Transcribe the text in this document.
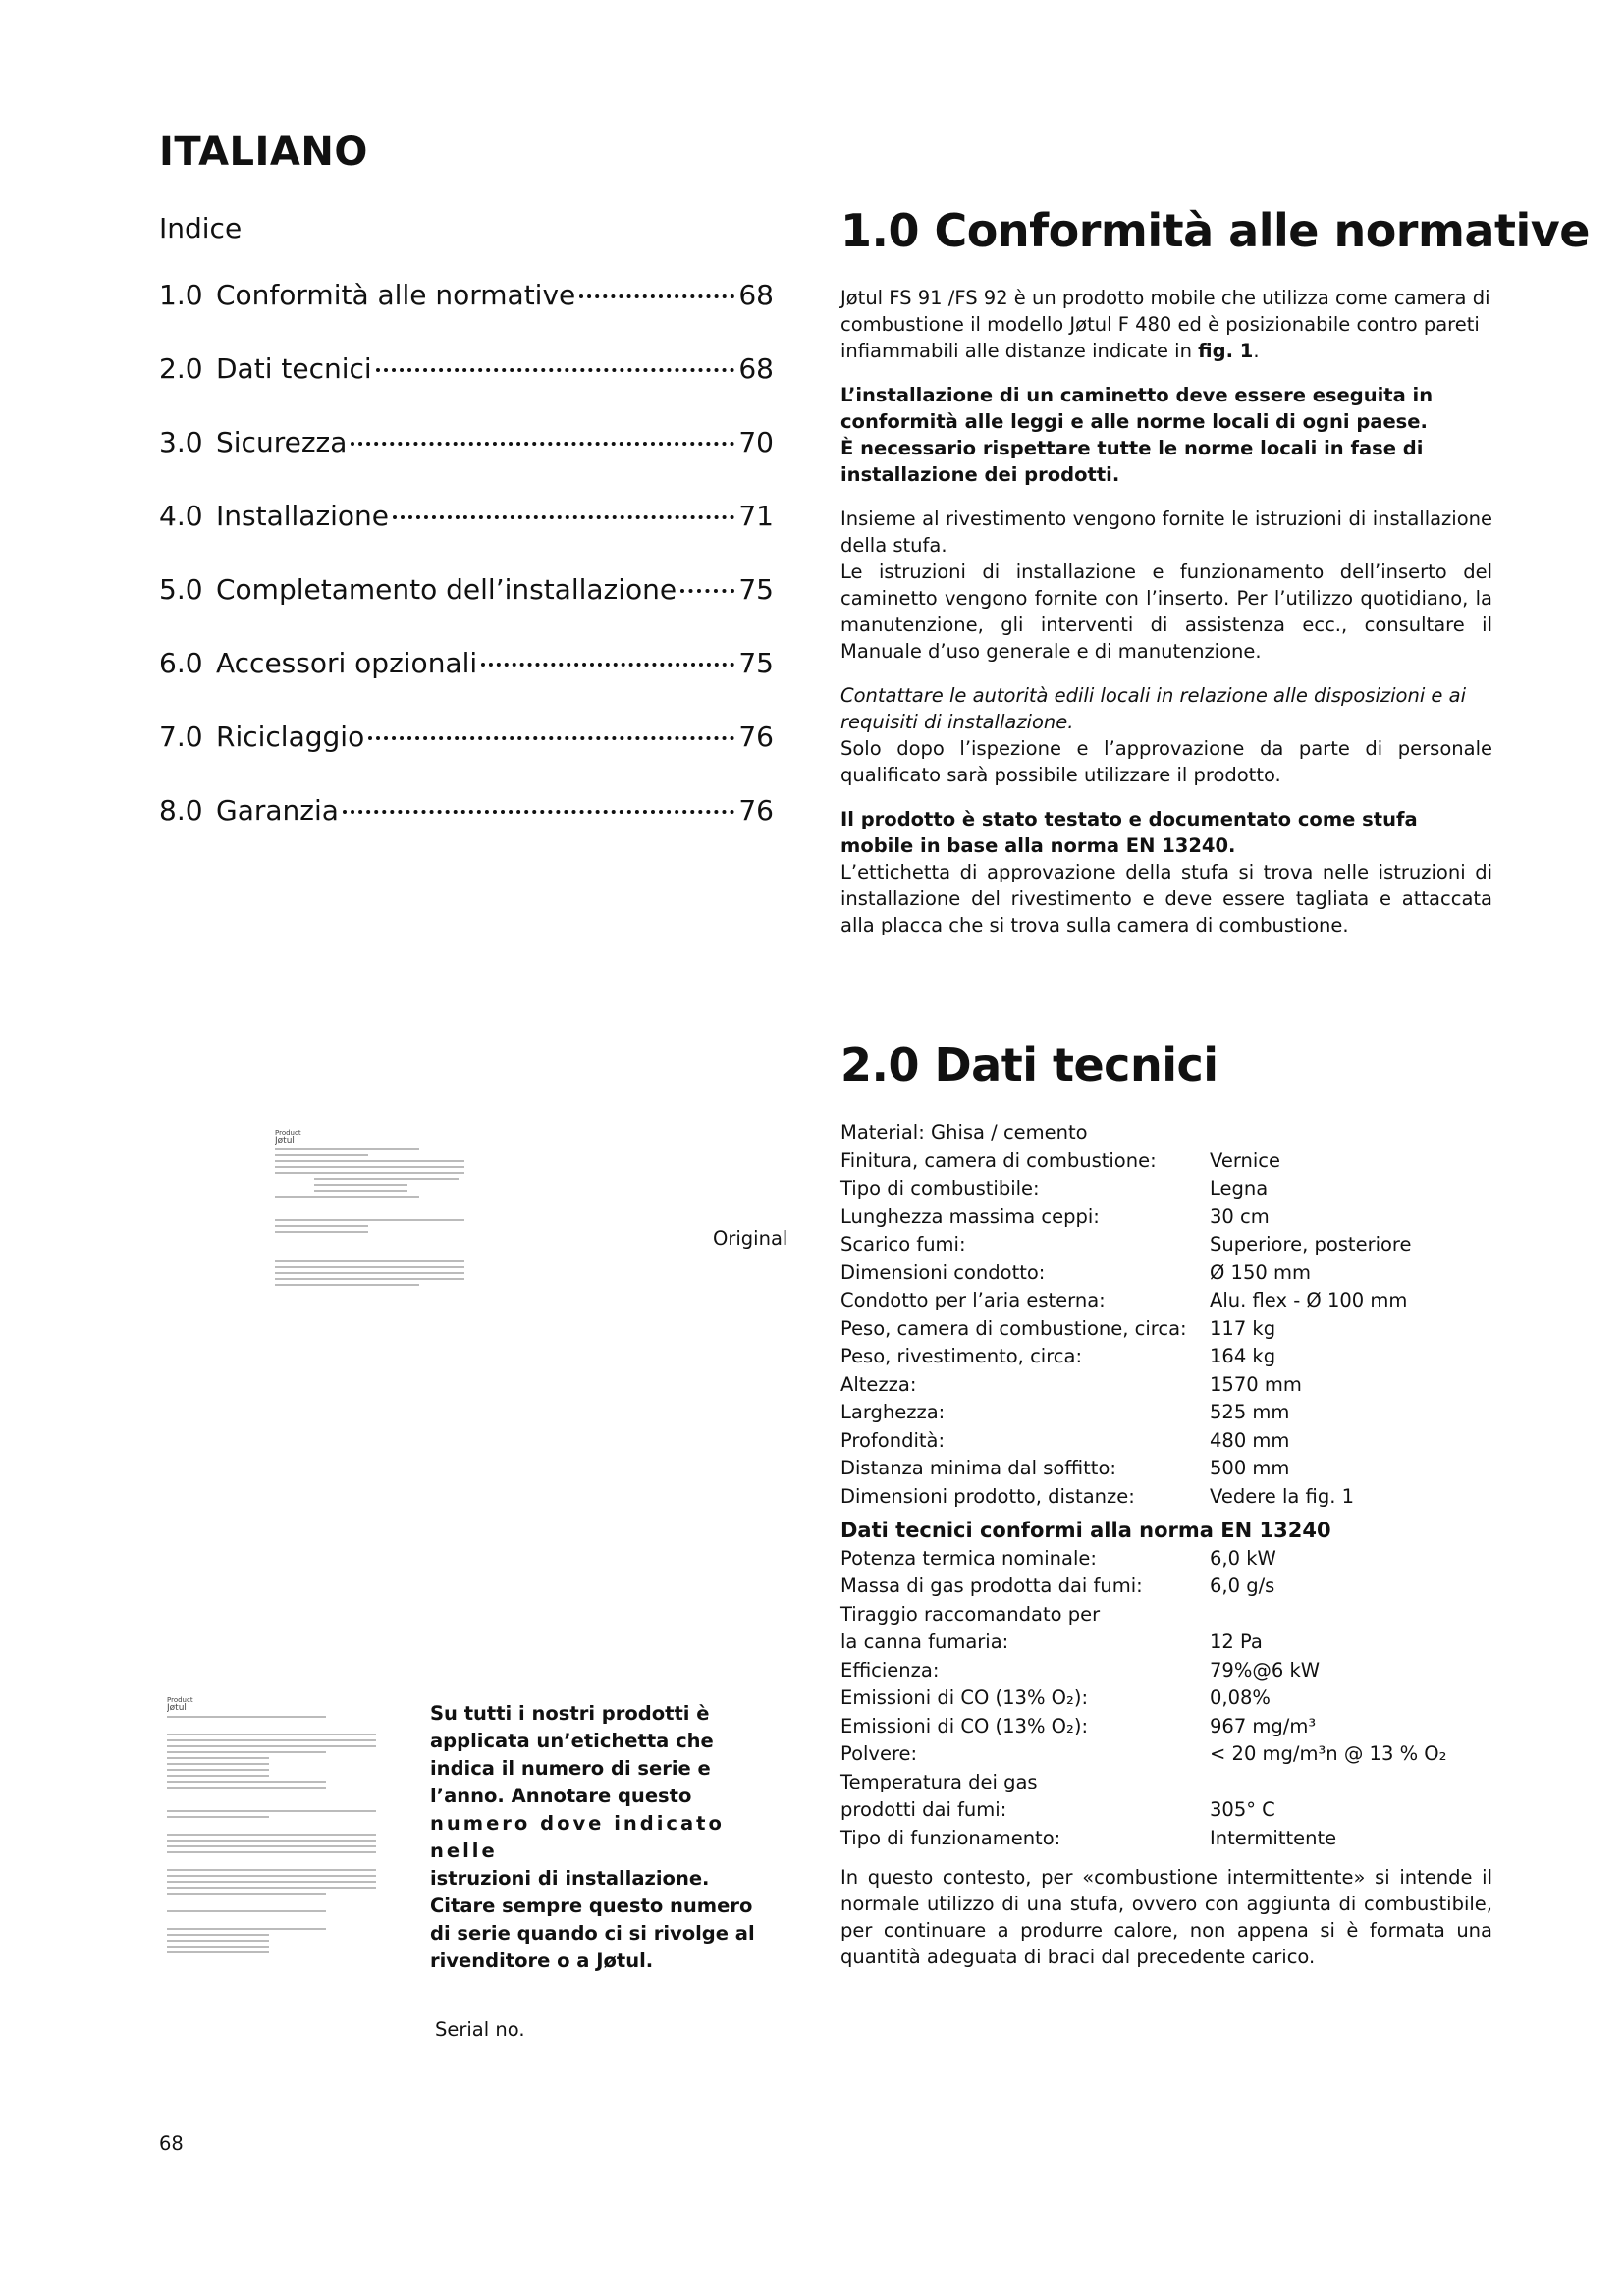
ITALIANO
Indice
1.0 Conformità alle normative	68
2.0 Dati tecnici	68
3.0 Sicurezza	70
4.0 Installazione	71
5.0 Completamento dell’installazione 75
6.0 Accessori opzionali	75
7.0 Riciclaggio	76
8.0 Garanzia	76
1.0 Conformità alle normative

Jøtul FS 91 /FS 92 è un prodotto mobile che utilizza come camera di combustione il modello Jøtul F 480 ed è posizionabile contro pareti infiammabili alle distanze indicate in fig. 1.

L’installazione di un caminetto deve essere eseguita in conformità alle leggi e alle norme locali di ogni paese.

È necessario rispettare tutte le norme locali in fase di installazione dei prodotti.

Insieme al rivestimento vengono fornite le istruzioni di installazione della stufa.

Le istruzioni di installazione e funzionamento dell’inserto del caminetto vengono fornite con l’inserto. Per l’utilizzo quotidiano, la manutenzione, gli interventi di assistenza ecc., consultare il Manuale d’uso generale e di manutenzione.

Contattare le autorità edili locali in relazione alle disposizioni e ai requisiti di installazione.

Solo dopo l’ispezione e l’approvazione da parte di personale qualificato sarà possibile utilizzare il prodotto.

Il prodotto è stato testato e documentato come stufa mobile in base alla norma EN 13240.

L’ettichetta di approvazione della stufa si trova nelle istruzioni di installazione del rivestimento e deve essere tagliata e attaccata alla placca che si trova sulla camera di combustione.

2.0 Dati tecnici
Material: Ghisa / cemento
Finitura, camera di combustione:	Vernice
Tipo di combustibile:	Legna
Lunghezza massima ceppi:	30 cm
Scarico fumi:	Superiore, posteriore
Dimensioni condotto:	Ø 150 mm
Condotto per l’aria esterna:	Alu. flex - Ø 100 mm
Peso, camera di combustione, circa:	117 kg
Peso, rivestimento, circa:	164 kg
Altezza:	1570 mm
Larghezza:	525 mm
Profondità:	480 mm
Distanza minima dal soffitto:	500 mm
Dimensioni prodotto, distanze:	Vedere la fig. 1
Dati tecnici conformi alla norma EN 13240
Potenza termica nominale:	6,0 kW
Massa di gas prodotta dai fumi:	6,0 g/s
Tiraggio raccomandato per
la canna fumaria:	12 Pa
Efficienza:	79%@6 kW
Emissioni di CO (13% O₂):	0,08%
Emissioni di CO (13% O₂):	967 mg/m³
Polvere:	< 20 mg/m³n @ 13 % O₂
Temperatura dei gas
prodotti dai fumi:	305° C
Tipo di funzionamento:	Intermittente

In questo contesto, per «combustione intermittente» si intende il normale utilizzo di una stufa, ovvero con aggiunta di combustibile, per continuare a produrre calore, non appena si è formata una quantità adeguata di braci dal precedente carico.

Product
Jøtul
Original
Product
Jøtul	Su tutti i nostri prodotti è applicata un’etichetta che indica il numero di serie e l’anno. Annotare questo
numero dove indicato nelle
istruzioni di installazione.
Citare sempre questo numero di serie quando ci si rivolge al rivenditore o a Jøtul.
Serial no.
68
